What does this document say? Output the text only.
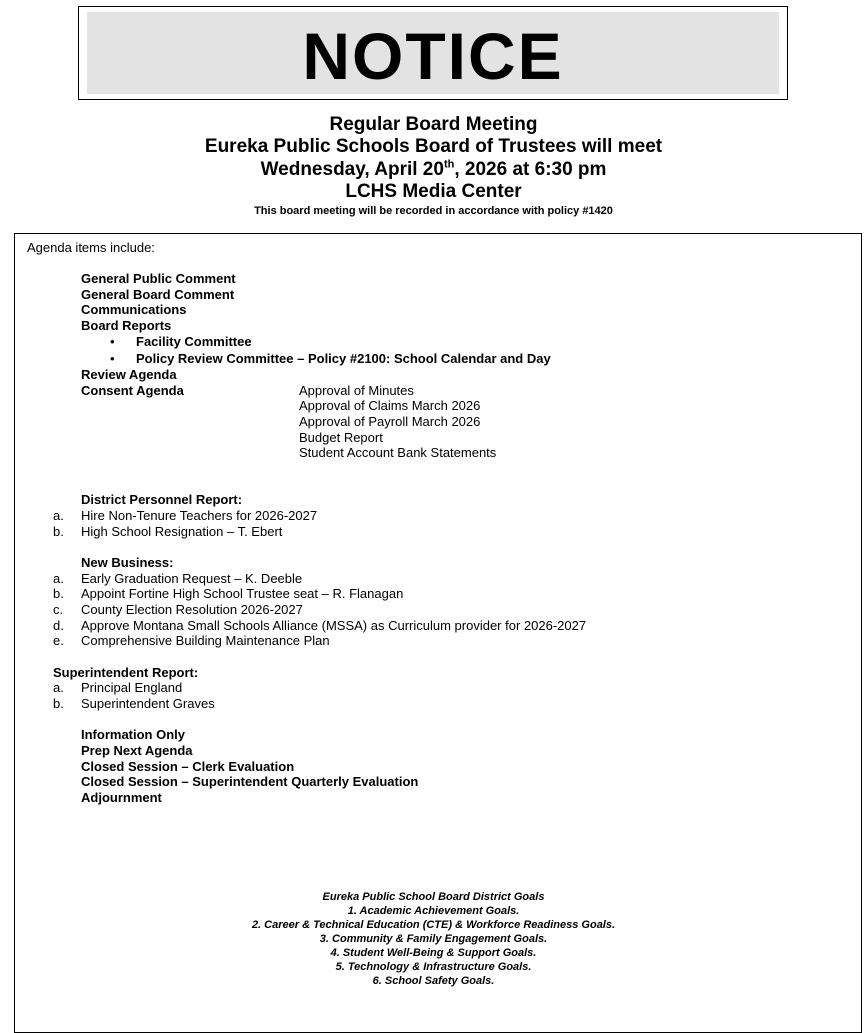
NOTICE
Regular Board Meeting
Eureka Public Schools Board of Trustees will meet
Wednesday, April 20th, 2026 at 6:30 pm
LCHS Media Center
This board meeting will be recorded in accordance with policy #1420
Agenda items include:
General Public Comment
General Board Comment
Communications
Board Reports
• Facility Committee
• Policy Review Committee – Policy #2100: School Calendar and Day
Review Agenda
Consent Agenda	Approval of Minutes
Approval of Claims March 2026
Approval of Payroll March 2026
Budget Report
Student Account Bank Statements
District Personnel Report:
a. Hire Non-Tenure Teachers for 2026-2027
b. High School Resignation – T. Ebert
New Business:
a. Early Graduation Request – K. Deeble
b. Appoint Fortine High School Trustee seat – R. Flanagan
c. County Election Resolution 2026-2027
d. Approve Montana Small Schools Alliance (MSSA) as Curriculum provider for 2026-2027
e. Comprehensive Building Maintenance Plan
Superintendent Report:
a. Principal England
b. Superintendent Graves
Information Only
Prep Next Agenda
Closed Session – Clerk Evaluation
Closed Session – Superintendent Quarterly Evaluation
Adjournment
Eureka Public School Board District Goals
1. Academic Achievement Goals.
2. Career & Technical Education (CTE) & Workforce Readiness Goals.
3. Community & Family Engagement Goals.
4. Student Well-Being & Support Goals.
5. Technology & Infrastructure Goals.
6. School Safety Goals.
